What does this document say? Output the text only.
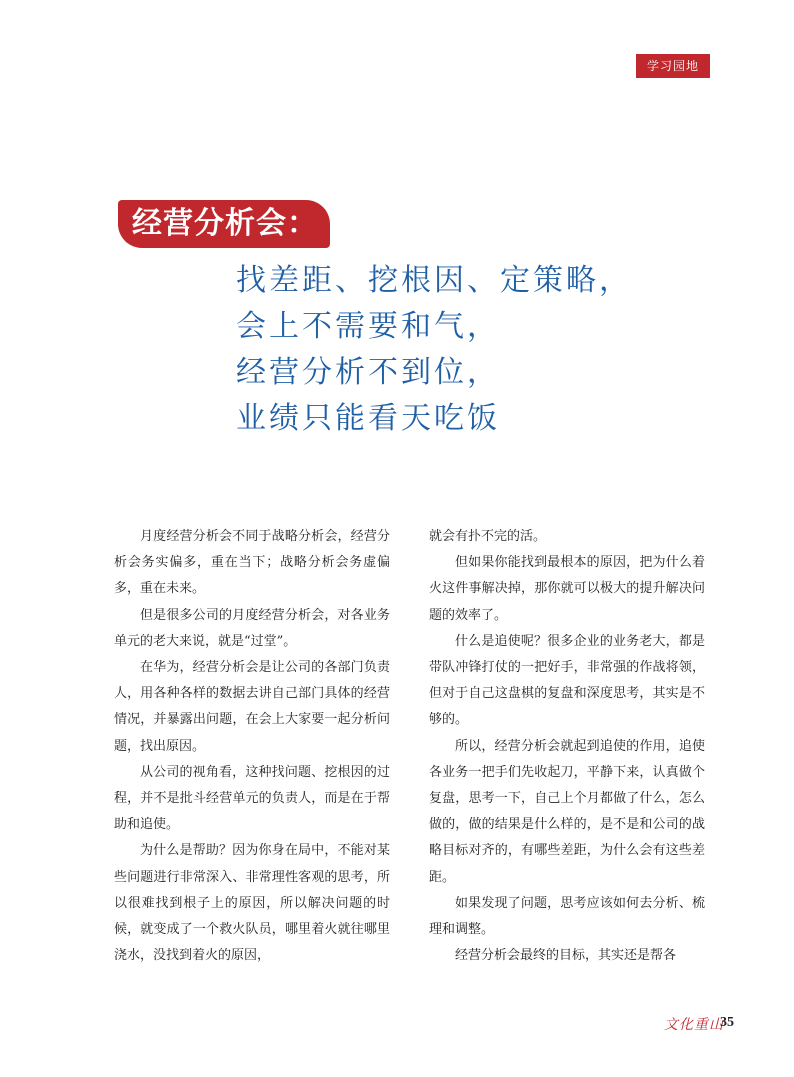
学习园地
经营分析会：
找差距、挖根因、定策略，
会上不需要和气，
经营分析不到位，
业绩只能看天吃饭

月度经营分析会不同于战略分析会，经营分析会务实偏多，重在当下；战略分析会务虚偏多，重在未来。

但是很多公司的月度经营分析会，对各业务单元的老大来说，就是“过堂”。

在华为，经营分析会是让公司的各部门负责人，用各种各样的数据去讲自己部门具体的经营情况，并暴露出问题，在会上大家要一起分析问题，找出原因。

从公司的视角看，这种找问题、挖根因的过程，并不是批斗经营单元的负责人，而是在于帮助和追使。

为什么是帮助？因为你身在局中，不能对某些问题进行非常深入、非常理性客观的思考，所以很难找到根子上的原因，所以解决问题的时候，就变成了一个救火队员，哪里着火就往哪里浇水，没找到着火的原因，

就会有扑不完的活。

但如果你能找到最根本的原因，把为什么着火这件事解决掉，那你就可以极大的提升解决问题的效率了。

什么是追使呢？很多企业的业务老大，都是带队冲锋打仗的一把好手，非常强的作战将领，但对于自己这盘棋的复盘和深度思考，其实是不够的。

所以，经营分析会就起到追使的作用，追使各业务一把手们先收起刀，平静下来，认真做个复盘，思考一下，自己上个月都做了什么，怎么做的，做的结果是什么样的，是不是和公司的战略目标对齐的，有哪些差距，为什么会有这些差距。

如果发现了问题，思考应该如何去分析、梳理和调整。

经营分析会最终的目标，其实还是帮各

文化重山
35
